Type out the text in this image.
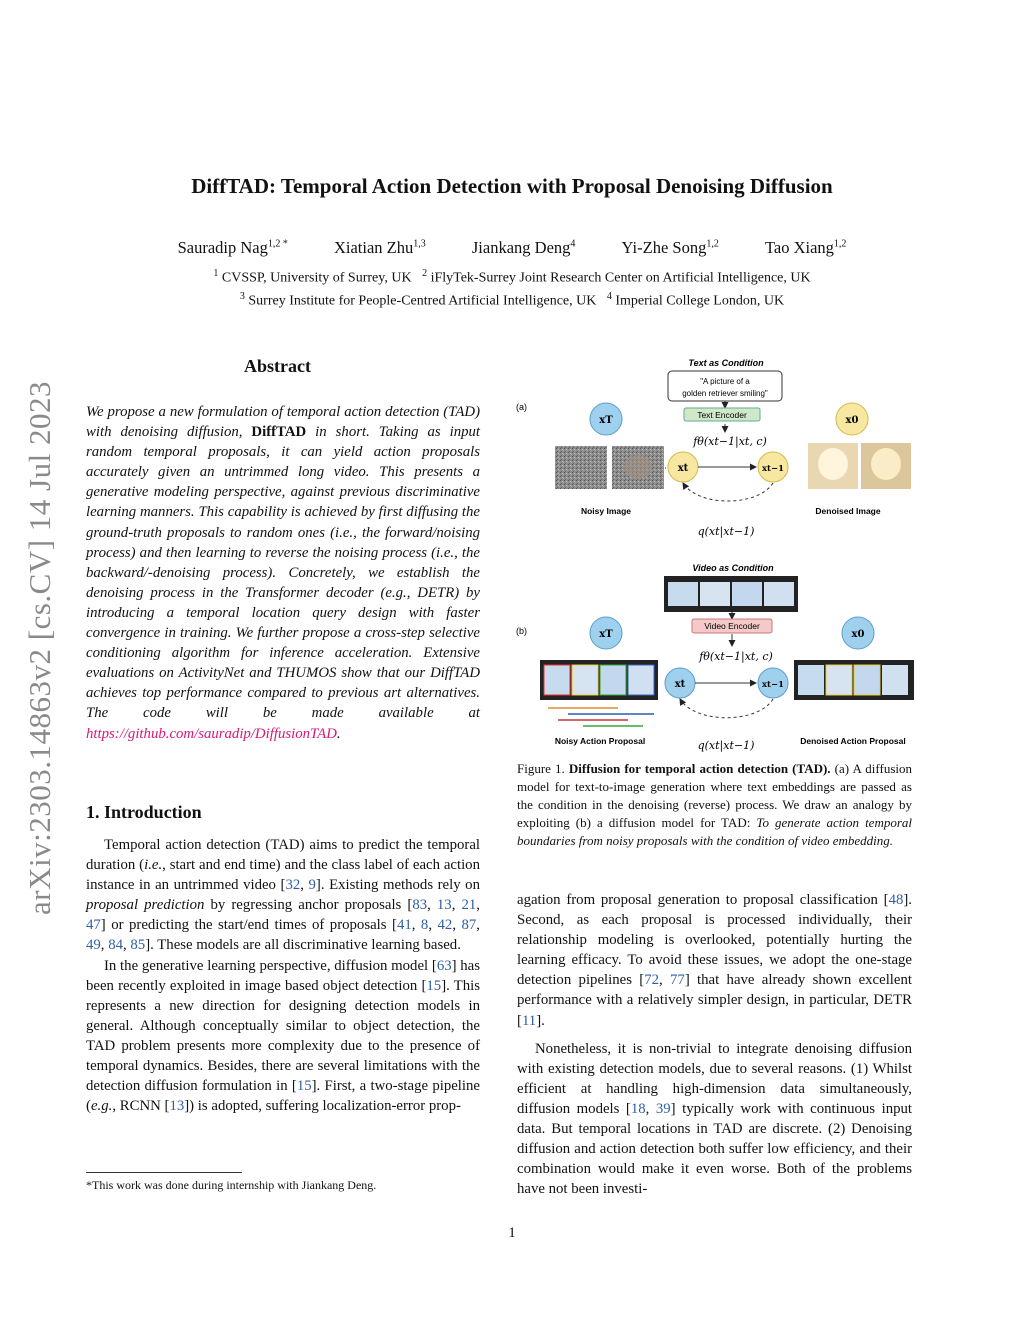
DiffTAD: Temporal Action Detection with Proposal Denoising Diffusion
Sauradip Nag$^{1,2 *}$	Xiatian Zhu$^{1,3}$	Jiankang Deng$^4$	Yi-Zhe Song$^{1,2}$	Tao Xiang$^{1,2}$
$^1$ CVSSP, University of Surrey, UK $^2$ iFlyTek-Surrey Joint Research Center on Artificial Intelligence, UK
$^3$ Surrey Institute for People-Centred Artificial Intelligence, UK $^4$ Imperial College London, UK
arXiv:2303.14863v2 [cs.CV] 14 Jul 2023
Abstract
We propose a new formulation of temporal action detection (TAD) with denoising diffusion, DiffTAD in short. Taking as input random temporal proposals, it can yield action proposals accurately given an untrimmed long video. This presents a generative modeling perspective, against previous discriminative learning manners. This capability is achieved by first diffusing the ground-truth proposals to random ones (i.e., the forward/noising process) and then learning to reverse the noising process (i.e., the backward/-denoising process). Concretely, we establish the denoising process in the Transformer decoder (e.g., DETR) by introducing a temporal location query design with faster convergence in training. We further propose a cross-step selective conditioning algorithm for inference acceleration. Extensive evaluations on ActivityNet and THUMOS show that our DiffTAD achieves top performance compared to previous art alternatives. The code will be made available at https://github.com/sauradip/DiffusionTAD.
1. Introduction

Temporal action detection (TAD) aims to predict the temporal duration (i.e., start and end time) and the class label of each action instance in an untrimmed video [32, 9]. Existing methods rely on proposal prediction by regressing anchor proposals [83, 13, 21, 47] or predicting the start/end times of proposals [41, 8, 42, 87, 49, 84, 85]. These models are all discriminative learning based.

In the generative learning perspective, diffusion model [63] has been recently exploited in image based object detection [15]. This represents a new direction for designing detection models in general. Although conceptually similar to object detection, the TAD problem presents more complexity due to the presence of temporal dynamics. Besides, there are several limitations with the detection diffusion formulation in [15]. First, a two-stage pipeline (e.g., RCNN [13]) is adopted, suffering localization-error prop-

*This work was done during internship with Jiankang Deng.

agation from proposal generation to proposal classification [48]. Second, as each proposal is processed individually, their relationship modeling is overlooked, potentially hurting the learning efficacy. To avoid these issues, we adopt the one-stage detection pipelines [72, 77] that have already shown excellent performance with a relatively simpler design, in particular, DETR [11].

Nonetheless, it is non-trivial to integrate denoising diffusion with existing detection models, due to several reasons. (1) Whilst efficient at handling high-dimension data simultaneously, diffusion models [18, 39] typically work with continuous input data. But temporal locations in TAD are discrete. (2) Denoising diffusion and action detection both suffer low efficiency, and their combination would make it even worse. Both of the problems have not been investi-

Text as Condition
"A picture of a
golden retriever smiling"
Text Encoder
(a)
xT	x0
fθ(xt−1|xt, c)
xt	xt−1
Noisy Image	Denoised Image
q(xt|xt−1)
Video as Condition
Video Encoder
(b)	xT	x0
fθ(xt−1|xt, c)
xt	xt−1
Noisy Action Proposal	Denoised Action Proposal
q(xt|xt−1)
Figure 1. Diffusion for temporal action detection (TAD). (a) A diffusion model for text-to-image generation where text embeddings are passed as the condition in the denoising (reverse) process. We draw an analogy by exploiting (b) a diffusion model for TAD: To generate action temporal boundaries from noisy proposals with the condition of video embedding.
1
